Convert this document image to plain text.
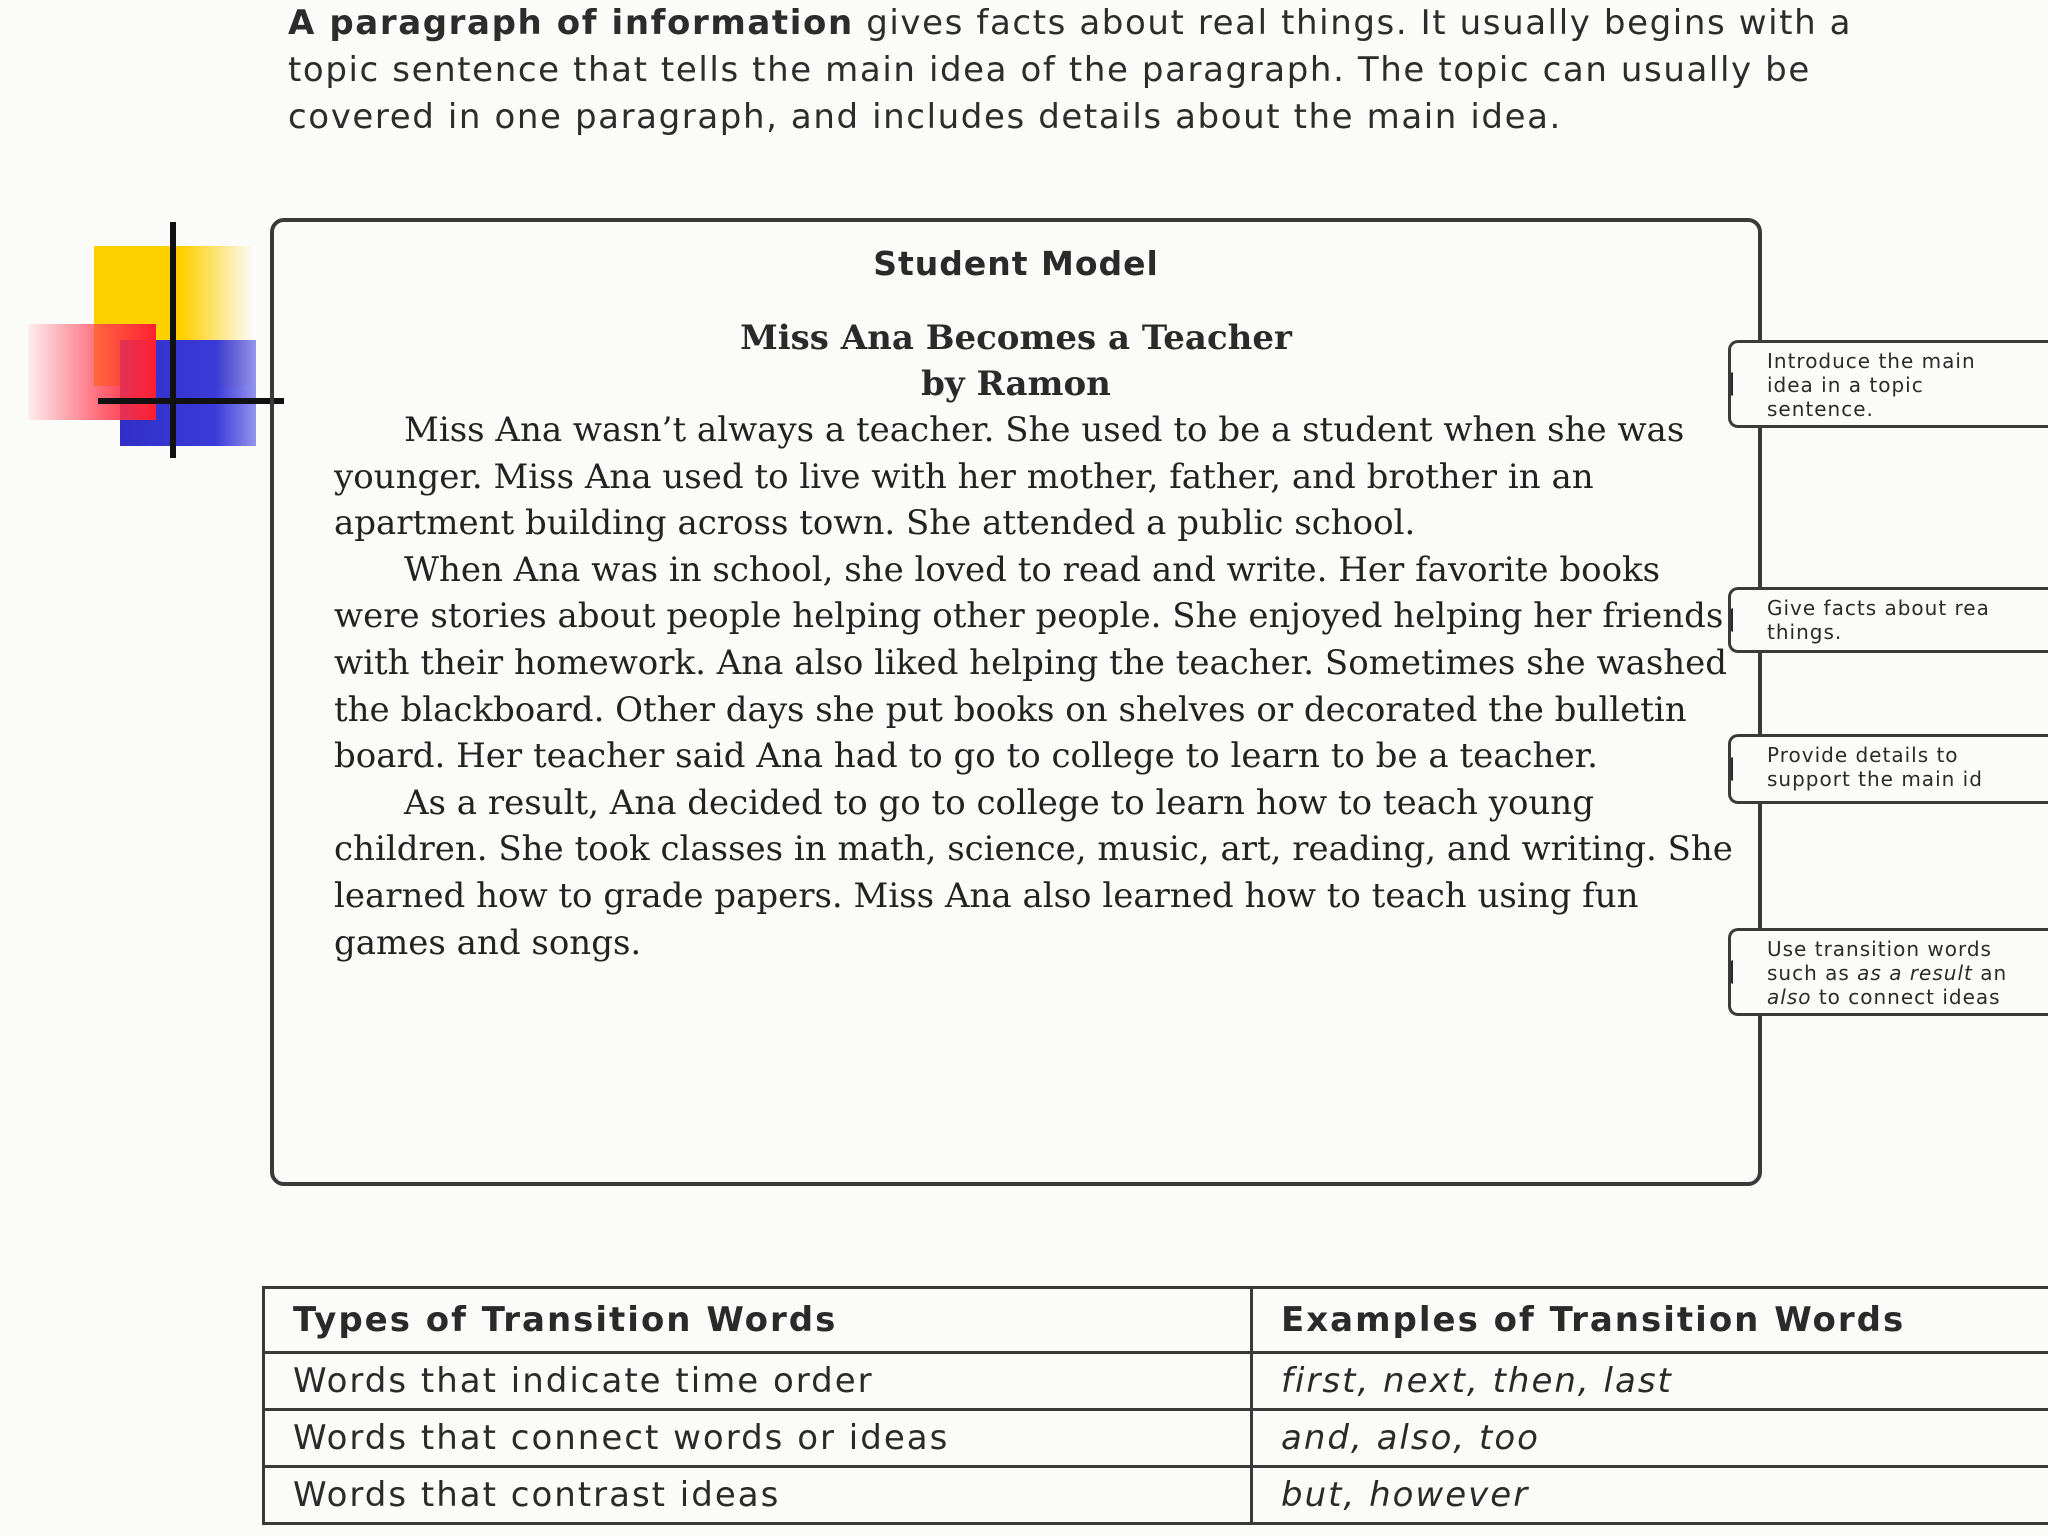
A paragraph of information gives facts about real things. It usually begins with a topic sentence that tells the main idea of the paragraph. The topic can usually be covered in one paragraph, and includes details about the main idea.
Student Model
Miss Ana Becomes a Teacher
by Ramon

Miss Ana wasn’t always a teacher. She used to be a student when she was younger. Miss Ana used to live with her mother, father, and brother in an apartment building across town. She attended a public school.

When Ana was in school, she loved to read and write. Her favorite books were stories about people helping other people. She enjoyed helping her friends with their homework. Ana also liked helping the teacher. Sometimes she washed the blackboard. Other days she put books on shelves or decorated the bulletin board. Her teacher said Ana had to go to college to learn to be a teacher.

As a result, Ana decided to go to college to learn how to teach young children. She took classes in math, science, music, art, reading, and writing. She learned how to grade papers. Miss Ana also learned how to teach using fun games and songs.

Introduce the main
idea in a topic
sentence.
Give facts about rea
things.
Provide details to
support the main id
Use transition words
such as as a result an
also to connect ideas
Types of Transition Words	Examples of Transition Words
Words that indicate time order	first, next, then, last
Words that connect words or ideas	and, also, too
Words that contrast ideas	but, however
